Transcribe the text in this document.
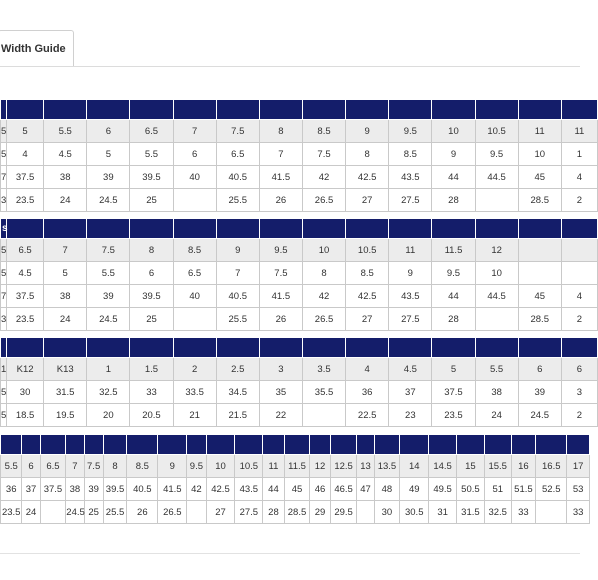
Width Guide

5	5	5.5	6	6.5	7	7.5	8	8.5	9	9.5	10	10.5	11	11
5	4	4.5	5	5.5	6	6.5	7	7.5	8	8.5	9	9.5	10	1
7	37.5	38	39	39.5	40	40.5	41.5	42	42.5	43.5	44	44.5	45	4
3	23.5	24	24.5	25		25.5	26	26.5	27	27.5	28		28.5	2
s														
5	6.5	7	7.5	8	8.5	9	9.5	10	10.5	11	11.5	12		
5	4.5	5	5.5	6	6.5	7	7.5	8	8.5	9	9.5	10		
7	37.5	38	39	39.5	40	40.5	41.5	42	42.5	43.5	44	44.5	45	4
3	23.5	24	24.5	25		25.5	26	26.5	27	27.5	28		28.5	2

1	K12	K13	1	1.5	2	2.5	3	3.5	4	4.5	5	5.5	6	6
5	30	31.5	32.5	33	33.5	34.5	35	35.5	36	37	37.5	38	39	3
5	18.5	19.5	20	20.5	21	21.5	22		22.5	23	23.5	24	24.5	2

5.5	6	6.5	7	7.5	8	8.5	9	9.5	10	10.5	11	11.5	12	12.5	13	13.5	14	14.5	15	15.5	16	16.5	17
36	37	37.5	38	39	39.5	40.5	41.5	42	42.5	43.5	44	45	46	46.5	47	48	49	49.5	50.5	51	51.5	52.5	53
23.5	24		24.5	25	25.5	26	26.5		27	27.5	28	28.5	29	29.5		30	30.5	31	31.5	32.5	33		33
